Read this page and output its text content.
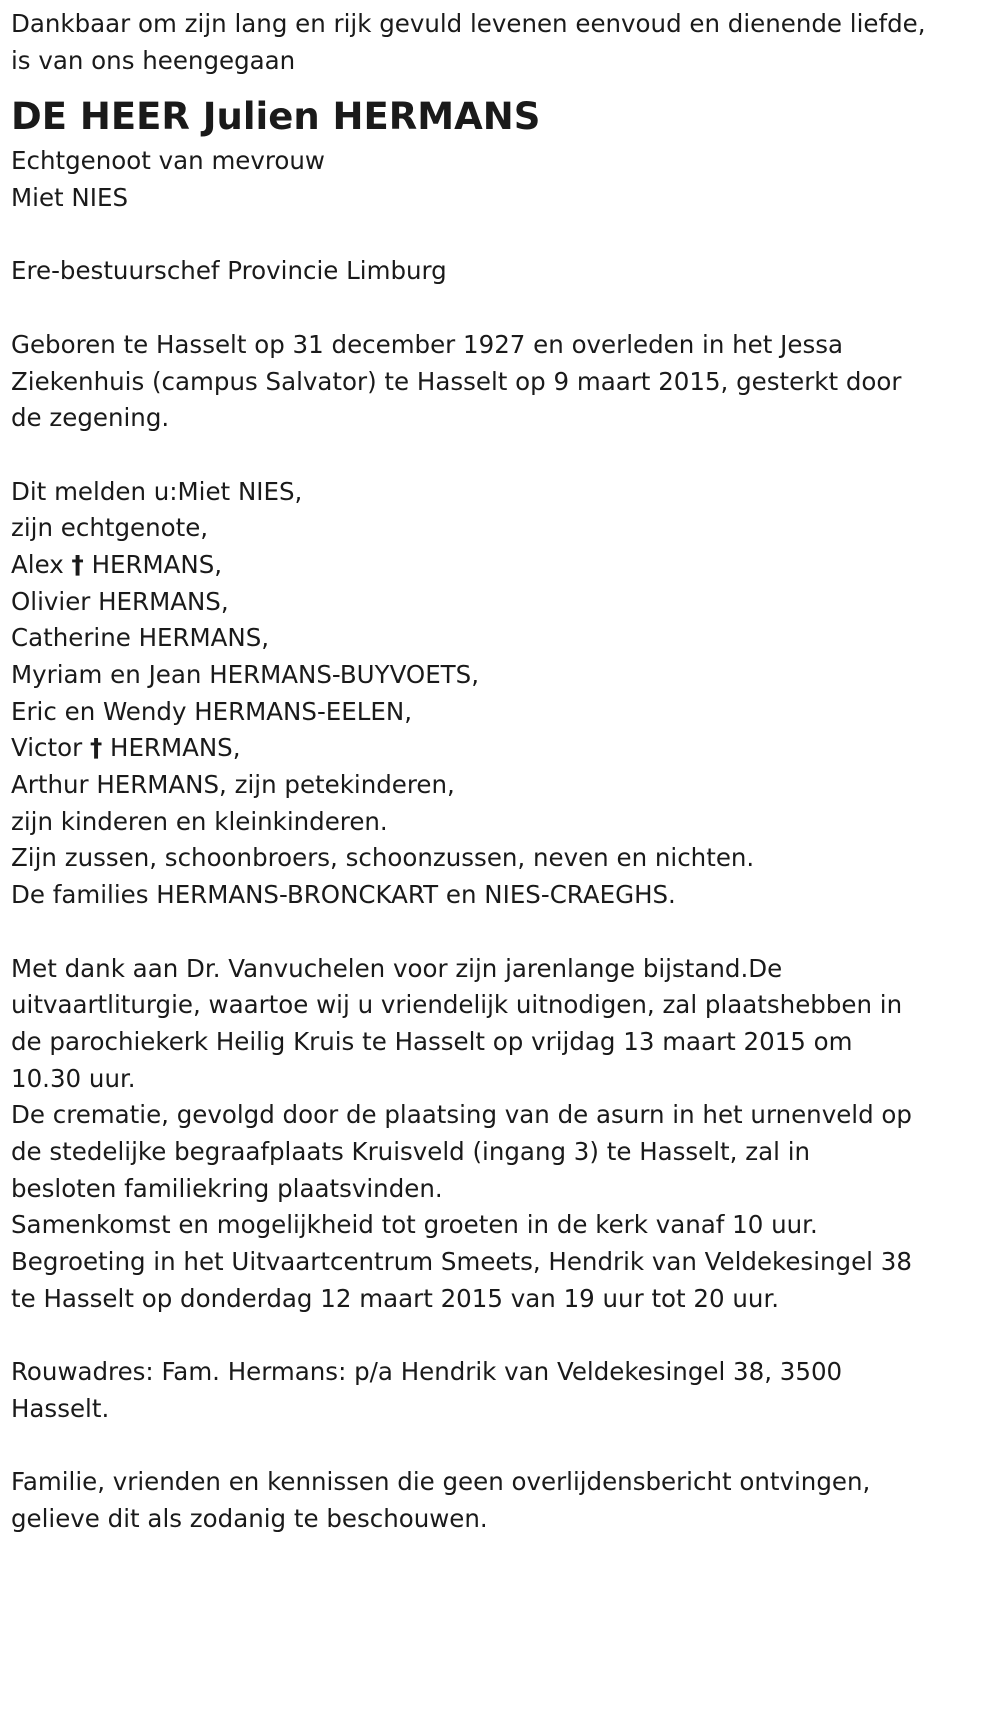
Dankbaar om zijn lang en rijk gevuld levenen eenvoud en dienende liefde,
is van ons heengegaan
DE HEER Julien HERMANS
Echtgenoot van mevrouw
Miet NIES
Ere-bestuurschef Provincie Limburg
Geboren te Hasselt op 31 december 1927 en overleden in het Jessa
Ziekenhuis (campus Salvator) te Hasselt op 9 maart 2015, gesterkt door
de zegening.
Dit melden u:Miet NIES,
zijn echtgenote,
Alex † HERMANS,
Olivier HERMANS,
Catherine HERMANS,
Myriam en Jean HERMANS-BUYVOETS,
Eric en Wendy HERMANS-EELEN,
Victor † HERMANS,
Arthur HERMANS, zijn petekinderen,
zijn kinderen en kleinkinderen.
Zijn zussen, schoonbroers, schoonzussen, neven en nichten.
De families HERMANS-BRONCKART en NIES-CRAEGHS.
Met dank aan Dr. Vanvuchelen voor zijn jarenlange bijstand.De
uitvaartliturgie, waartoe wij u vriendelijk uitnodigen, zal plaatshebben in
de parochiekerk Heilig Kruis te Hasselt op vrijdag 13 maart 2015 om
10.30 uur.
De crematie, gevolgd door de plaatsing van de asurn in het urnenveld op
de stedelijke begraafplaats Kruisveld (ingang 3) te Hasselt, zal in
besloten familiekring plaatsvinden.
Samenkomst en mogelijkheid tot groeten in de kerk vanaf 10 uur.
Begroeting in het Uitvaartcentrum Smeets, Hendrik van Veldekesingel 38
te Hasselt op donderdag 12 maart 2015 van 19 uur tot 20 uur.
Rouwadres: Fam. Hermans: p/a Hendrik van Veldekesingel 38, 3500
Hasselt.
Familie, vrienden en kennissen die geen overlijdensbericht ontvingen,
gelieve dit als zodanig te beschouwen.
